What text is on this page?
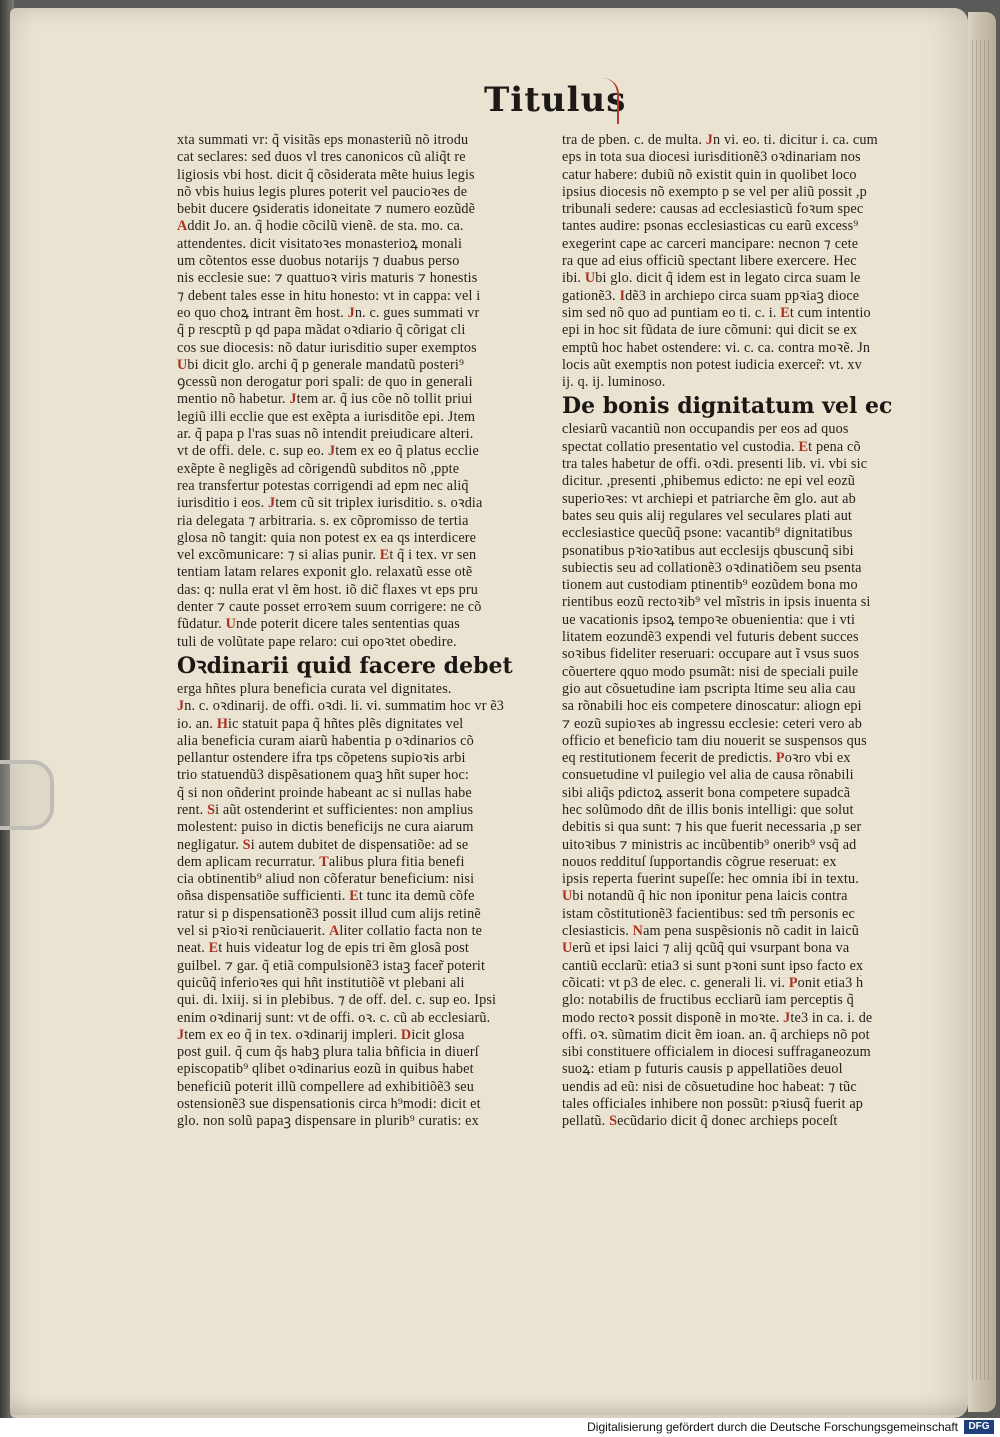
Titulus
xta summati vr: q̃ visitãs eps monasteriũ nõ itrodu
cat seclares: sed duos vl tres canonicos cũ aliq̃t re
ligiosis vbi host. dicit q̃ cõsiderata mẽte huius legis
nõ vbis huius legis plures poterit vel paucioꝛes de
bebit ducere ꝯsideratis idoneitate ⁊ numero eozũdẽ
Addit Jo. an. q̃ hodie cõcilũ vienẽ. de sta. mo. ca.
attendentes. dicit visitatoꝛes monasterioꝝ monali
um cõtentos esse duobus notarijs ⁊ duabus perso
nis ecclesie sue: ⁊ quattuoꝛ viris maturis ⁊ honestis
⁊ debent tales esse in hitu honesto: vt in cappa: vel i
eo quo choꝝ intrant ẽm host. Jn. c. gues summati vr
q̃ p rescptũ p qd papa mãdat oꝛdiario q̃ cõrigat cli
cos sue diocesis: nõ datur iurisditio super exemptos
Ubi dicit glo. archi q̃ p generale mandatũ posteri⁹
ꝯcessũ non derogatur pori spali: de quo in generali
mentio nõ habetur. Jtem ar. q̃ ius cõe nõ tollit priui
legiũ illi ecclie que est exẽpta a iurisditõe epi. Jtem
ar. q̃ papa p l'ras suas nõ intendit preiudicare alteri.
vt de offi. dele. c. sup eo. Jtem ex eo q̃ platus ecclie
exẽpte ẽ negligẽs ad cõrigendũ subditos nõ ,ppte
rea transfertur potestas corrigendi ad epm nec aliq̃
iurisditio i eos. Jtem cũ sit triplex iurisditio. s. oꝛdia
ria delegata ⁊ arbitraria. s. ex cõpromisso de tertia
glosa nõ tangit: quia non potest ex ea qs interdicere
vel excõmunicare: ⁊ si alias punir. Et q̃ i tex. vr sen
tentiam latam relares exponit glo. relaxatũ esse otẽ
das: q: nulla erat vl ẽm host. iõ dic̃ flaxes vt eps pru
denter ⁊ caute posset erroꝛem suum corrigere: ne cõ
fũdatur. Unde poterit dicere tales sententias quas
tuli de volũtate pape relaro: cui opoꝛtet obedire.
Oꝛdinarii quid facere debet
erga hñtes plura beneficia curata vel dignitates.
Jn. c. oꝛdinarij. de offi. oꝛdi. li. vi. summatim hoc vr ẽ3
io. an. Hic statuit papa q̃ hñtes plẽs dignitates vel
alia beneficia curam aiarũ habentia p oꝛdinarios cõ
pellantur ostendere ifra tps cõpetens supioꝛis arbi
trio statuendũ3 dispẽsationem quaꝫ hñt super hoc:
q̃ si non oñderint proinde habeant ac si nullas habe
rent. Si aũt ostenderint et sufficientes: non amplius
molestent: puiso in dictis beneficijs ne cura aiarum
negligatur. Si autem dubitet de dispensatiõe: ad se
dem aplicam recurratur. Talibus plura fitia benefi
cia obtinentib⁹ aliud non cõferatur beneficium: nisi
oñsa dispensatiõe sufficienti. Et tunc ita demũ cõfe
ratur si p dispensationẽ3 possit illud cum alijs retinẽ
vel si pꝛioꝛi renũciauerit. Aliter collatio facta non te
neat. Et huis videatur log de epis tri ẽm glosã post
guilbel. ⁊ gar. q̃ etiã compulsionẽ3 istaꝫ facer̃ poterit
quicũq̃ inferioꝛes qui hñt institutiõẽ vt plebani ali
qui. di. lxiij. si in plebibus. ⁊ de off. del. c. sup eo. Ipsi
enim oꝛdinarij sunt: vt de offi. oꝛ. c. cũ ab ecclesiarũ.
Jtem ex eo q̃ in tex. oꝛdinarij impleri. Dicit glosa
post guil. q̃ cum q̃s habꝫ plura talia bñficia in diuerſ
episcopatib⁹ qlibet oꝛdinarius eozũ in quibus habet
beneficiũ poterit illũ compellere ad exhibitiõẽ3 seu
ostensionẽ3 sue dispensationis circa h⁹modi: dicit et
glo. non solũ papaꝫ dispensare in plurib⁹ curatis: ex
tra de pben. c. de multa. Jn vi. eo. ti. dicitur i. ca. cum
eps in tota sua diocesi iurisditionẽ3 oꝛdinariam nos
catur habere: dubiũ nõ existit quin in quolibet loco
ipsius diocesis nõ exempto p se vel per aliũ possit ,p
tribunali sedere: causas ad ecclesiasticũ foꝛum spec
tantes audire: psonas ecclesiasticas cu earũ excess⁹
exegerint cape ac carceri mancipare: necnon ⁊ cete
ra que ad eius officiũ spectant libere exercere. Hec
ibi. Ubi glo. dicit q̃ idem est in legato circa suam le
gationẽ3. Idẽ3 in archiepo circa suam ppꝛiaꝫ dioce
sim sed nõ quo ad puntiam eo ti. c. i. Et cum intentio
epi in hoc sit fũdata de iure cõmuni: qui dicit se ex
emptũ hoc habet ostendere: vi. c. ca. contra moꝛẽ. Jn
locis aũt exemptis non potest iudicia exercer̃: vt. xv
ij. q. ij. luminoso.
De bonis dignitatum vel ec
clesiarũ vacantiũ non occupandis per eos ad quos
spectat collatio presentatio vel custodia. Et pena cõ
tra tales habetur de offi. oꝛdi. presenti lib. vi. vbi sic
dicitur. ,presenti ,phibemus edicto: ne epi vel eozũ
superioꝛes: vt archiepi et patriarche ẽm glo. aut ab
bates seu quis alij regulares vel seculares plati aut
ecclesiastice quecũq̃ psone: vacantib⁹ dignitatibus
psonatibus pꝛioꝛatibus aut ecclesijs qbuscunq̃ sibi
subiectis seu ad collationẽ3 oꝛdinatiõem seu psenta
tionem aut custodiam ptinentib⁹ eozũdem bona mo
rientibus eozũ rectoꝛib⁹ vel mĩstris in ipsis inuenta si
ue vacationis ipsoꝝ tempoꝛe obuenientia: que i vti
litatem eozundẽ3 expendi vel futuris debent succes
soꝛibus fideliter reseruari: occupare aut ĩ vsus suos
cõuertere qquo modo psumãt: nisi de speciali puile
gio aut cõsuetudine iam pscripta ltime seu alia cau
sa rõnabili hoc eis competere dinoscatur: aliogn epi
⁊ eozũ supioꝛes ab ingressu ecclesie: ceteri vero ab
officio et beneficio tam diu nouerit se suspensos qus
eq restitutionem fecerit de predictis. Poꝛro vbi ex
consuetudine vl puilegio vel alia de causa rõnabili
sibi aliq̃s pdictoꝝ asserit bona competere supadcã
hec solũmodo dñt de illis bonis intelligi: que solut
debitis si qua sunt: ⁊ his que fuerit necessaria ,p ser
uitoꝛibus ⁊ ministris ac incũbentib⁹ onerib⁹ vsq̃ ad
nouos reddituſ ſupportandis cõgrue reseruat: ex
ipsis reperta fuerint supeſſe: hec omnia ibi in textu.
Ubi notandũ q̃ hic non iponitur pena laicis contra
istam cõstitutionẽ3 facientibus: sed tm̃ personis ec
clesiasticis. Nam pena suspẽsionis nõ cadit in laicũ
Uerũ et ipsi laici ⁊ alij qcũq̃ qui vsurpant bona va
cantiũ ecclarũ: etia3 si sunt pꝛoni sunt ipso facto ex
cõicati: vt p3 de elec. c. generali li. vi. Ponit etia3 h̃
glo: notabilis de fructibus eccliarũ iam perceptis q̃
modo rectoꝛ possit disponẽ in moꝛte. Jte3 in ca. i. de
offi. oꝛ. sũmatim dicit ẽm ioan. an. q̃ archieps nõ pot
sibi constituere officialem in diocesi suffraganeozum
suoꝝ: etiam p futuris causis p appellatiões deuol
uendis ad eũ: nisi de cõsuetudine hoc habeat: ⁊ tũc
tales officiales inhibere non possũt: pꝛiusq̃ fuerit ap
pellatũ. Secũdario dicit q̃ donec archieps poceſt
Digitalisierung gefördert durch die Deutsche Forschungsgemeinschaft	DFG
